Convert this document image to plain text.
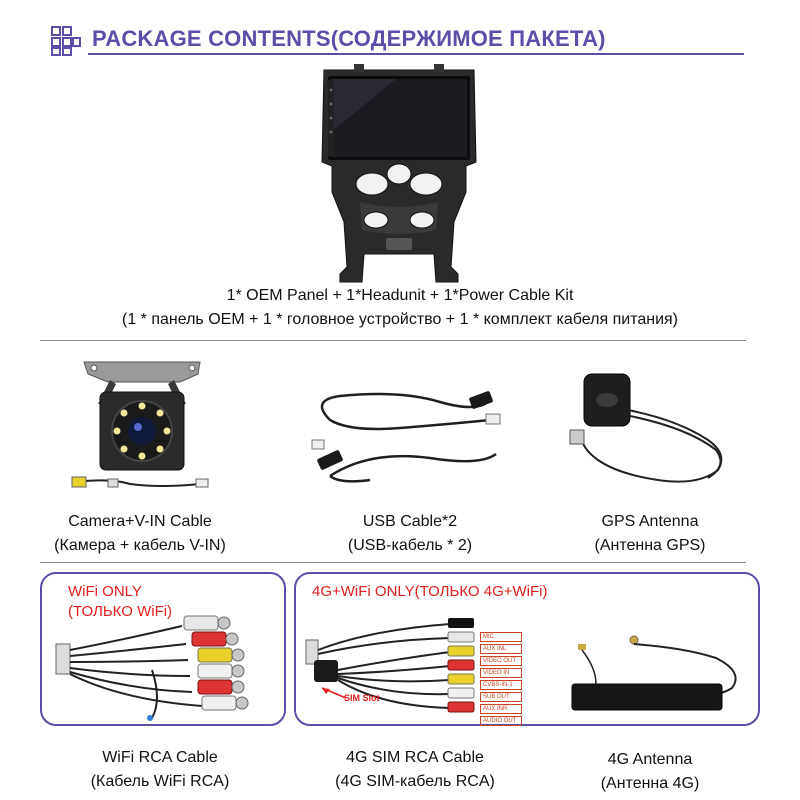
PACKAGE CONTENTS(СОДЕРЖИМОЕ ПАКЕТА)
1* OEM Panel + 1*Headunit + 1*Power Cable Kit
(1 * панель OEM + 1 * головное устройство + 1 * комплект кабеля питания)
Camera+V-IN Cable
(Камера + кабель V-IN)
USB Cable*2
(USB-кабель * 2)
GPS Antenna
(Антенна GPS)
WiFi ONLY
(ТОЛЬКО WiFi)
WiFi RCA Cable
(Кабель WiFi RCA)
4G+WiFi ONLY(ТОЛЬКО 4G+WiFi)
SIM Slot
MIC
AUX INL
VIDEO OUT
VIDEO IN
CVBS-IN-1
SUB OUT
AUX INR
AUDIO OUT
4G SIM RCA Cable
(4G SIM-кабель RCA)
4G Antenna
(Антенна 4G)
